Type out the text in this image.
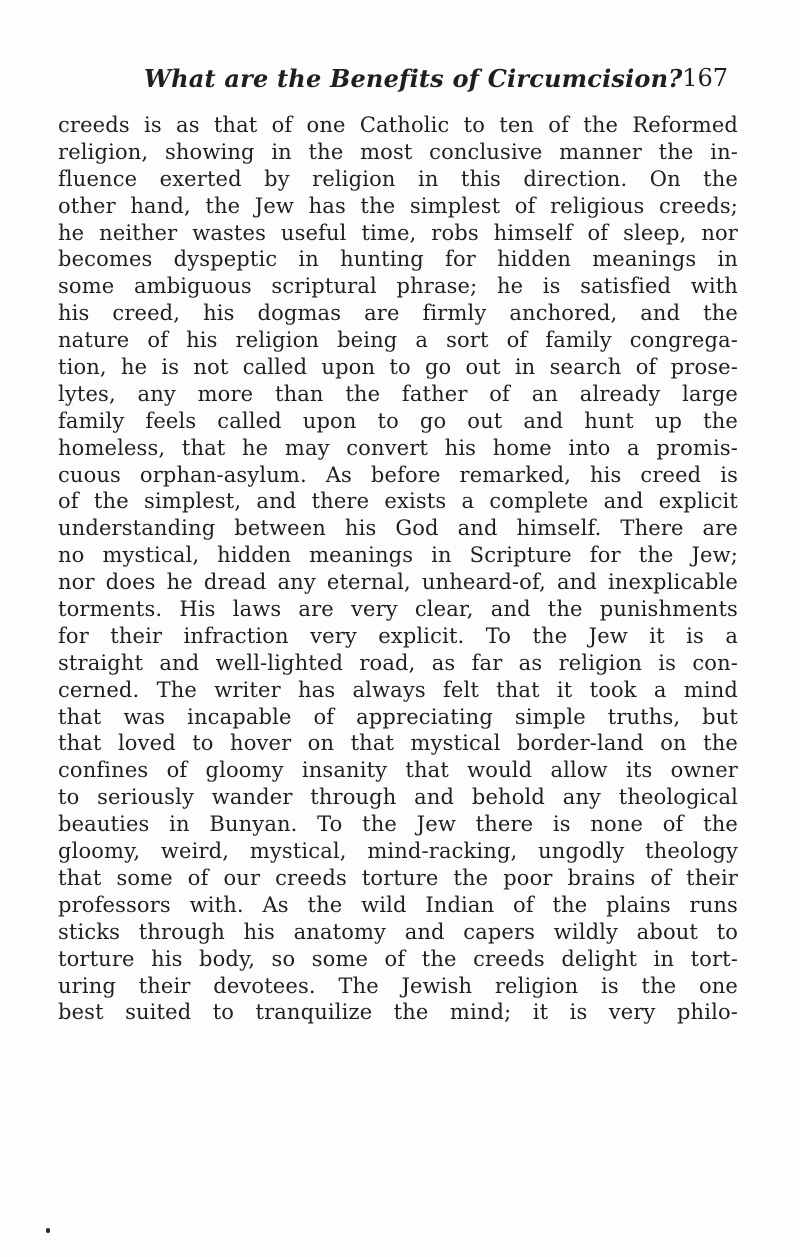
What are the Benefits of Circumcision? 167
creeds is as that of one Catholic to ten of the Reformed
religion, showing in the most conclusive manner the in-
fluence exerted by religion in this direction. On the
other hand, the Jew has the simplest of religious creeds;
he neither wastes useful time, robs himself of sleep, nor
becomes dyspeptic in hunting for hidden meanings in
some ambiguous scriptural phrase; he is satisfied with
his creed, his dogmas are firmly anchored, and the
nature of his religion being a sort of family congrega-
tion, he is not called upon to go out in search of prose-
lytes, any more than the father of an already large
family feels called upon to go out and hunt up the
homeless, that he may convert his home into a promis-
cuous orphan-asylum. As before remarked, his creed is
of the simplest, and there exists a complete and explicit
understanding between his God and himself. There are
no mystical, hidden meanings in Scripture for the Jew;
nor does he dread any eternal, unheard-of, and inexplicable
torments. His laws are very clear, and the punishments
for their infraction very explicit. To the Jew it is a
straight and well-lighted road, as far as religion is con-
cerned. The writer has always felt that it took a mind
that was incapable of appreciating simple truths, but
that loved to hover on that mystical border-land on the
confines of gloomy insanity that would allow its owner
to seriously wander through and behold any theological
beauties in Bunyan. To the Jew there is none of the
gloomy, weird, mystical, mind-racking, ungodly theology
that some of our creeds torture the poor brains of their
professors with. As the wild Indian of the plains runs
sticks through his anatomy and capers wildly about to
torture his body, so some of the creeds delight in tort-
uring their devotees. The Jewish religion is the one
best suited to tranquilize the mind; it is very philo-
